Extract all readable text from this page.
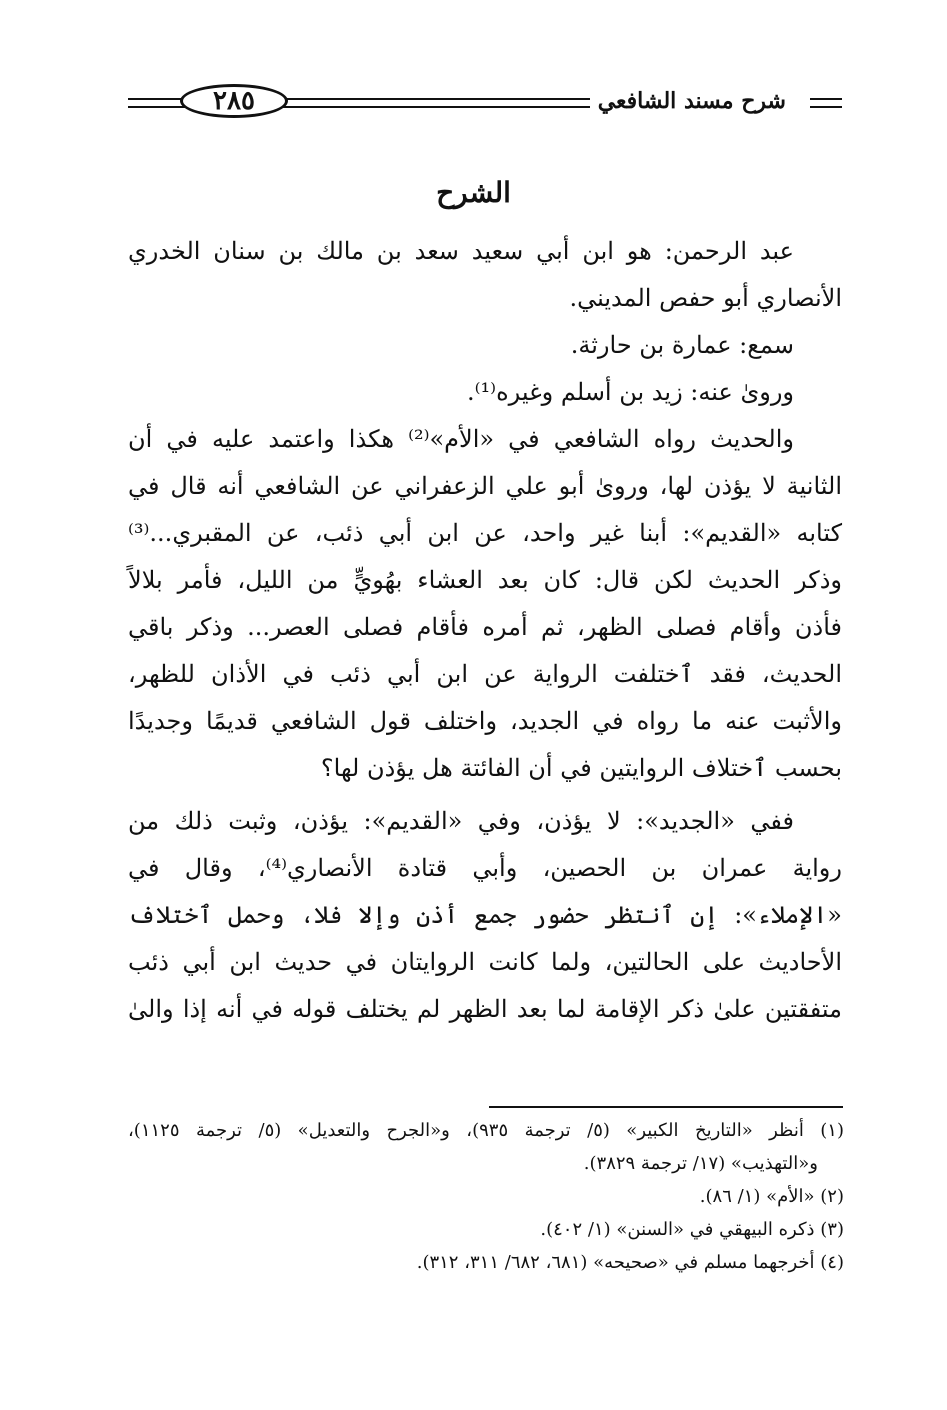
شرح مسند الشافعي
٢٨٥
الشرح
عبد الرحمن: هو ابن أبي سعيد سعد بن مالك بن سنان الخدري
الأنصاري أبو حفص المديني.
سمع: عمارة بن حارثة.
ورویٰ عنه: زيد بن أسلم وغيره⁽¹⁾.
والحديث رواه الشافعي في «الأم»⁽²⁾ هكذا واعتمد عليه في أن
الثانية لا يؤذن لها، ورویٰ أبو علي الزعفراني عن الشافعي أنه قال في
كتابه «القديم»: أبنا غير واحد، عن ابن أبي ذئب، عن المقبري...⁽³⁾
وذكر الحديث لكن قال: كان بعد العشاء بهُويٍّ من الليل، فأمر بلالاً
فأذن وأقام فصلى الظهر، ثم أمره فأقام فصلى العصر... وذكر باقي
الحديث، فقد ٱختلفت الرواية عن ابن أبي ذئب في الأذان للظهر،
والأثبت عنه ما رواه في الجديد، واختلف قول الشافعي قديمًا وجديدًا
بحسب ٱختلاف الروايتين في أن الفائتة هل يؤذن لها؟
ففي «الجديد»: لا يؤذن، وفي «القديم»: يؤذن، وثبت ذلك من
رواية عمران بن الحصين، وأبي قتادة الأنصاري⁽⁴⁾، وقال في
«الإملاء»: إن ٱنتظر حضور جمع أذن وإلا فلا، وحمل ٱختلاف
الأحاديث على الحالتين، ولما كانت الروايتان في حديث ابن أبي ذئب
متفقتين علىٰ ذكر الإقامة لما بعد الظهر لم يختلف قوله في أنه إذا والىٰ
(١) أنظر «التاريخ الكبير» (٥/ ترجمة ٩٣٥)، و«الجرح والتعديل» (٥/ ترجمة ١١٢٥)،
و«التهذيب» (١٧/ ترجمة ٣٨٢٩).
(٢) «الأم» (١/ ٨٦).
(٣) ذكره البيهقي في «السنن» (١/ ٤٠٢).
(٤) أخرجهما مسلم في «صحيحه» (٦٨١، ٦٨٢/ ٣١١، ٣١٢).
